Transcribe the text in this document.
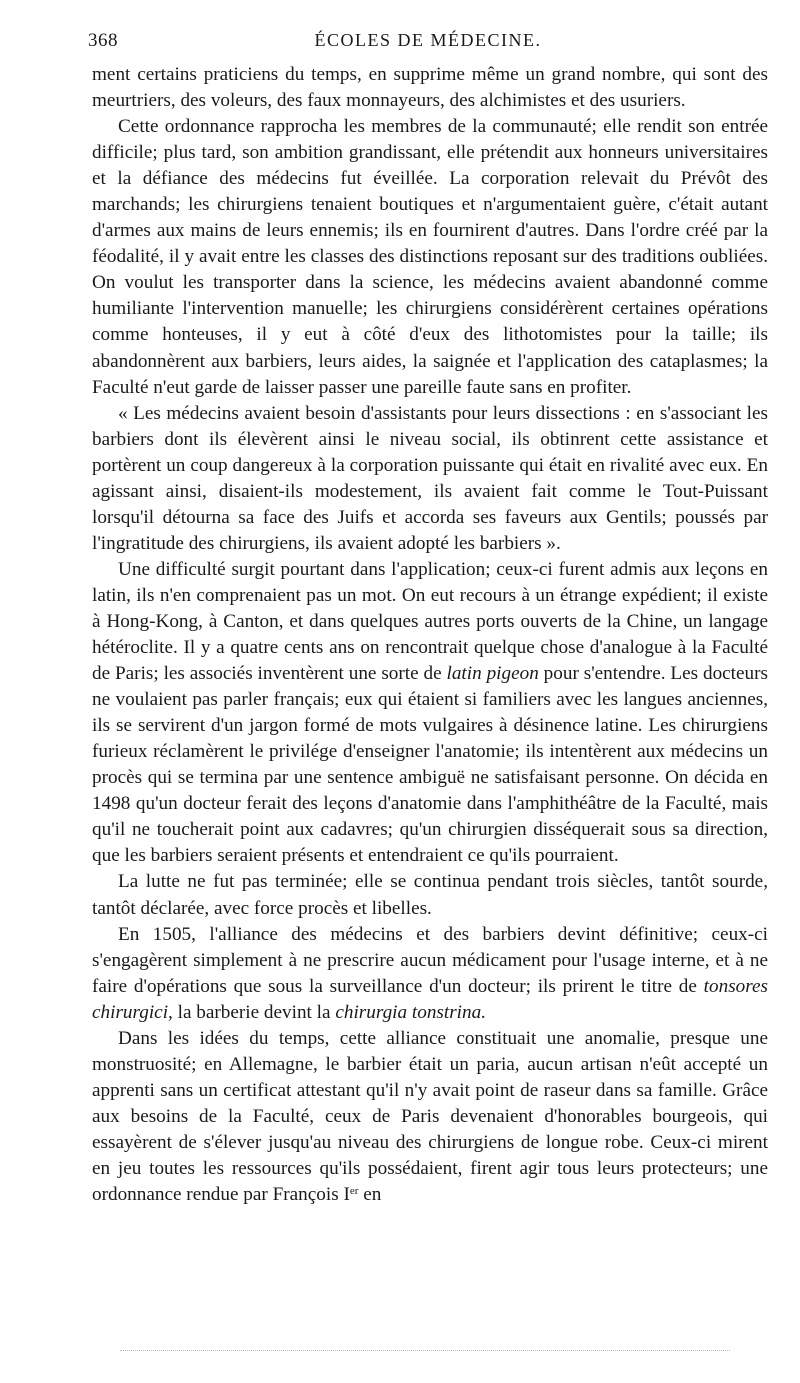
368	ÉCOLES DE MÉDECINE.

ment certains praticiens du temps, en supprime même un grand nombre, qui sont des meurtriers, des voleurs, des faux monnayeurs, des alchimistes et des usuriers.

Cette ordonnance rapprocha les membres de la communauté; elle rendit son entrée difficile; plus tard, son ambition grandissant, elle prétendit aux honneurs universitaires et la défiance des médecins fut éveillée. La corporation relevait du Prévôt des marchands; les chirurgiens tenaient boutiques et n'argumentaient guère, c'était autant d'armes aux mains de leurs ennemis; ils en fournirent d'autres. Dans l'ordre créé par la féodalité, il y avait entre les classes des distinctions reposant sur des traditions oubliées. On voulut les transporter dans la science, les médecins avaient abandonné comme humiliante l'intervention manuelle; les chirurgiens considérèrent certaines opérations comme honteuses, il y eut à côté d'eux des lithotomistes pour la taille; ils abandonnèrent aux barbiers, leurs aides, la saignée et l'application des cataplasmes; la Faculté n'eut garde de laisser passer une pareille faute sans en profiter.

« Les médecins avaient besoin d'assistants pour leurs dissections : en s'associant les barbiers dont ils élevèrent ainsi le niveau social, ils obtinrent cette assistance et portèrent un coup dangereux à la corporation puissante qui était en rivalité avec eux. En agissant ainsi, disaient-ils modestement, ils avaient fait comme le Tout-Puissant lorsqu'il détourna sa face des Juifs et accorda ses faveurs aux Gentils; poussés par l'ingratitude des chirurgiens, ils avaient adopté les barbiers ».

Une difficulté surgit pourtant dans l'application; ceux-ci furent admis aux leçons en latin, ils n'en comprenaient pas un mot. On eut recours à un étrange expédient; il existe à Hong-Kong, à Canton, et dans quelques autres ports ouverts de la Chine, un langage hétéroclite. Il y a quatre cents ans on rencontrait quelque chose d'analogue à la Faculté de Paris; les associés inventèrent une sorte de latin pigeon pour s'entendre. Les docteurs ne voulaient pas parler français; eux qui étaient si familiers avec les langues anciennes, ils se servirent d'un jargon formé de mots vulgaires à désinence latine. Les chirurgiens furieux réclamèrent le privilége d'enseigner l'anatomie; ils intentèrent aux médecins un procès qui se termina par une sentence ambiguë ne satisfaisant personne. On décida en 1498 qu'un docteur ferait des leçons d'anatomie dans l'amphithéâtre de la Faculté, mais qu'il ne toucherait point aux cadavres; qu'un chirurgien disséquerait sous sa direction, que les barbiers seraient présents et entendraient ce qu'ils pourraient.

La lutte ne fut pas terminée; elle se continua pendant trois siècles, tantôt sourde, tantôt déclarée, avec force procès et libelles.

En 1505, l'alliance des médecins et des barbiers devint définitive; ceux-ci s'engagèrent simplement à ne prescrire aucun médicament pour l'usage interne, et à ne faire d'opérations que sous la surveillance d'un docteur; ils prirent le titre de tonsores chirurgici, la barberie devint la chirurgia tonstrina.

Dans les idées du temps, cette alliance constituait une anomalie, presque une monstruosité; en Allemagne, le barbier était un paria, aucun artisan n'eût accepté un apprenti sans un certificat attestant qu'il n'y avait point de raseur dans sa famille. Grâce aux besoins de la Faculté, ceux de Paris devenaient d'honorables bourgeois, qui essayèrent de s'élever jusqu'au niveau des chirurgiens de longue robe. Ceux-ci mirent en jeu toutes les ressources qu'ils possédaient, firent agir tous leurs protecteurs; une ordonnance rendue par François Ier en
